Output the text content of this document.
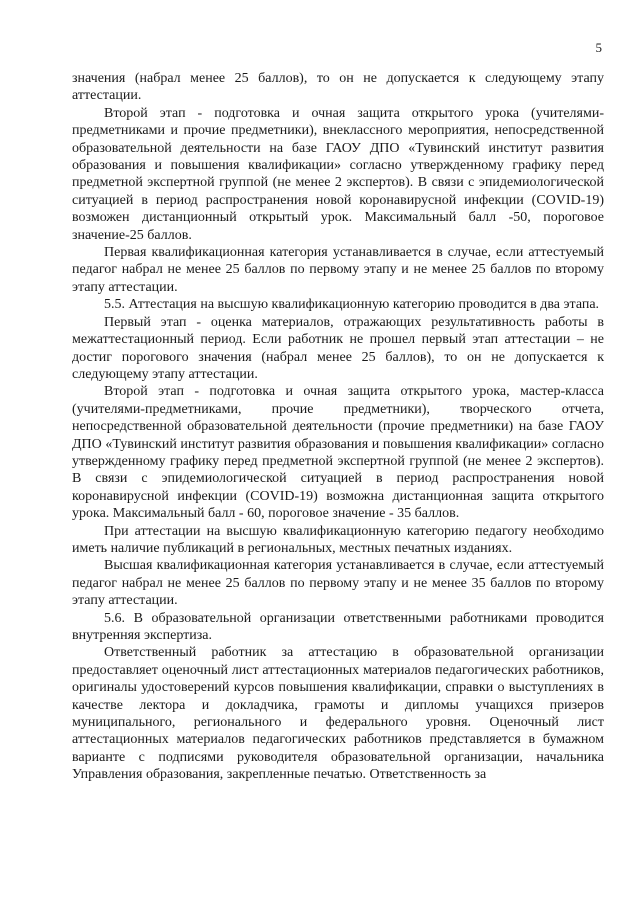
5

значения (набрал менее 25 баллов), то он не допускается к следующему этапу аттестации.

Второй этап - подготовка и очная защита открытого урока (учителями-предметниками и прочие предметники), внеклассного мероприятия, непосредственной образовательной деятельности на базе ГАОУ ДПО «Тувинский институт развития образования и повышения квалификации» согласно утвержденному графику перед предметной экспертной группой (не менее 2 экспертов). В связи с эпидемиологической ситуацией в период распространения новой коронавирусной инфекции (COVID-19) возможен дистанционный открытый урок. Максимальный балл -50, пороговое значение-25 баллов.

Первая квалификационная категория устанавливается в случае, если аттестуемый педагог набрал не менее 25 баллов по первому этапу и не менее 25 баллов по второму этапу аттестации.

5.5. Аттестация на высшую квалификационную категорию проводится в два этапа.

Первый этап - оценка материалов, отражающих результативность работы в межаттестационный период. Если работник не прошел первый этап аттестации – не достиг порогового значения (набрал менее 25 баллов), то он не допускается к следующему этапу аттестации.

Второй этап - подготовка и очная защита открытого урока, мастер-класса (учителями-предметниками, прочие предметники), творческого отчета, непосредственной образовательной деятельности (прочие предметники) на базе ГАОУ ДПО «Тувинский институт развития образования и повышения квалификации» согласно утвержденному графику перед предметной экспертной группой (не менее 2 экспертов). В связи с эпидемиологической ситуацией в период распространения новой коронавирусной инфекции (COVID-19) возможна дистанционная защита открытого урока. Максимальный балл - 60, пороговое значение - 35 баллов.

При аттестации на высшую квалификационную категорию педагогу необходимо иметь наличие публикаций в региональных, местных печатных изданиях.

Высшая квалификационная категория устанавливается в случае, если аттестуемый педагог набрал не менее 25 баллов по первому этапу и не менее 35 баллов по второму этапу аттестации.

5.6. В образовательной организации ответственными работниками проводится внутренняя экспертиза.

Ответственный работник за аттестацию в образовательной организации предоставляет оценочный лист аттестационных материалов педагогических работников, оригиналы удостоверений курсов повышения квалификации, справки о выступлениях в качестве лектора и докладчика, грамоты и дипломы учащихся призеров муниципального, регионального и федерального уровня. Оценочный лист аттестационных материалов педагогических работников представляется в бумажном варианте с подписями руководителя образовательной организации, начальника Управления образования, закрепленные печатью. Ответственность за
